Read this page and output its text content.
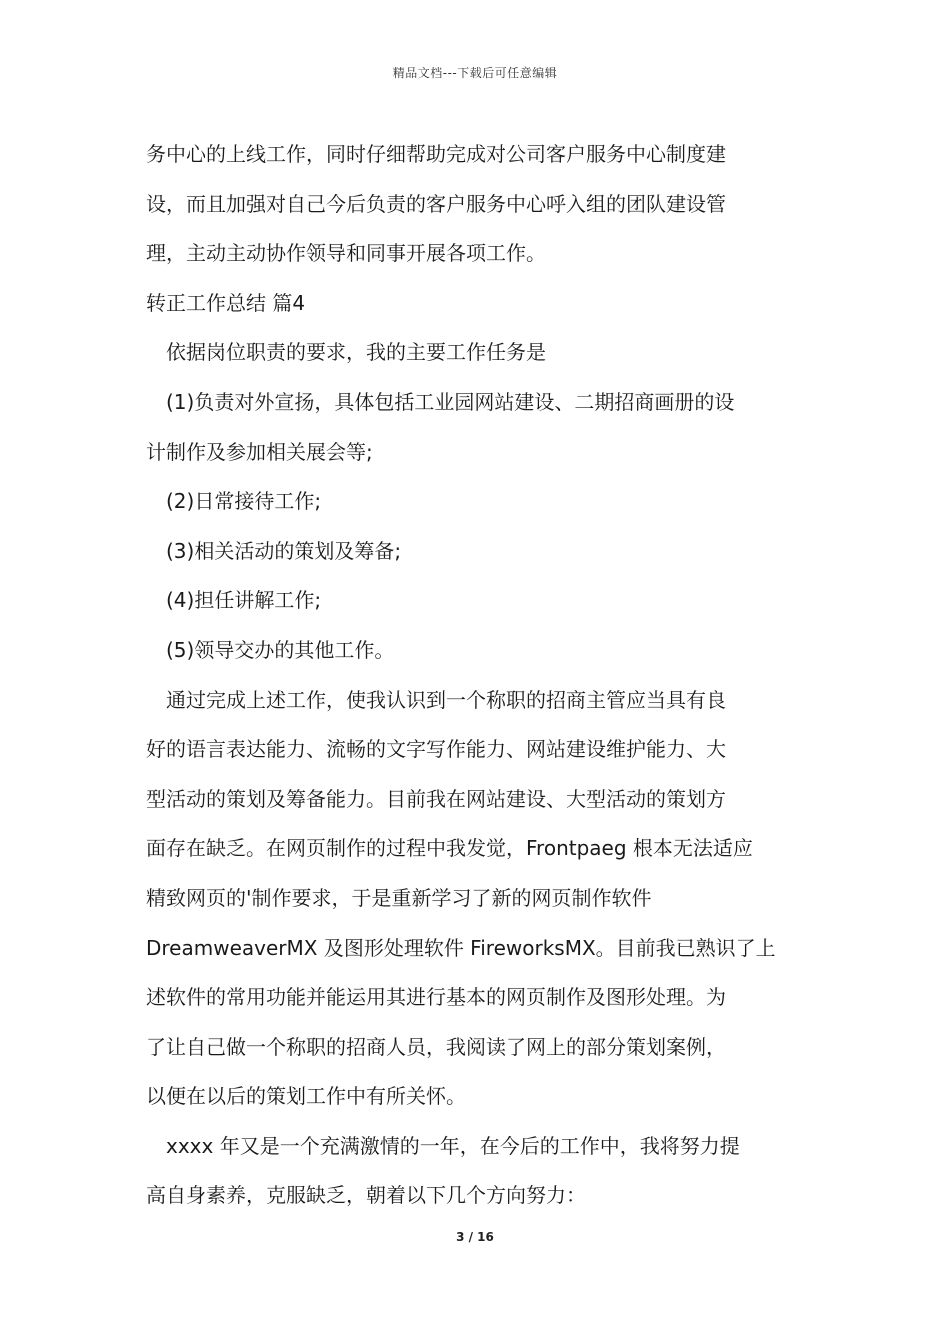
精品文档---下载后可任意编辑
务中心的上线工作，同时仔细帮助完成对公司客户服务中心制度建
设，而且加强对自己今后负责的客户服务中心呼入组的团队建设管
理，主动主动协作领导和同事开展各项工作。
转正工作总结 篇4
依据岗位职责的要求，我的主要工作任务是
(1)负责对外宣扬，具体包括工业园网站建设、二期招商画册的设
计制作及参加相关展会等;
(2)日常接待工作;
(3)相关活动的策划及筹备;
(4)担任讲解工作;
(5)领导交办的其他工作。
通过完成上述工作，使我认识到一个称职的招商主管应当具有良
好的语言表达能力、流畅的文字写作能力、网站建设维护能力、大
型活动的策划及筹备能力。目前我在网站建设、大型活动的策划方
面存在缺乏。在网页制作的过程中我发觉，Frontpaeg 根本无法适应
精致网页的'制作要求，于是重新学习了新的网页制作软件
DreamweaverMX 及图形处理软件 FireworksMX。目前我已熟识了上
述软件的常用功能并能运用其进行基本的网页制作及图形处理。为
了让自己做一个称职的招商人员，我阅读了网上的部分策划案例，
以便在以后的策划工作中有所关怀。
xxxx 年又是一个充满激情的一年，在今后的工作中，我将努力提
高自身素养，克服缺乏，朝着以下几个方向努力：
3 / 16
